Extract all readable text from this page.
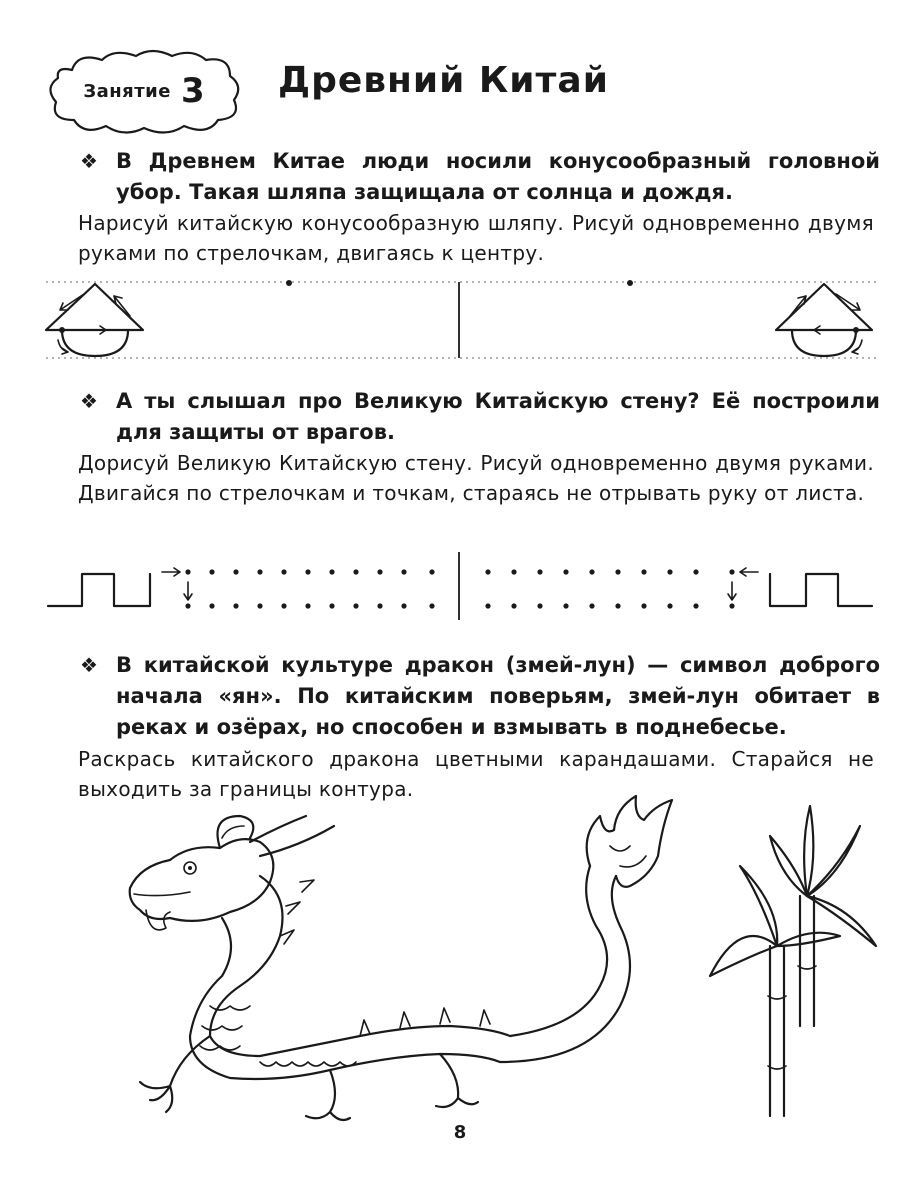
Занятие 3 Древний Китай
❖ В Древнем Китае люди носили конусообразный головной убор. Такая шляпа защищала от солнца и дождя.
Нарисуй китайскую конусообразную шляпу. Рисуй одновременно двумя руками по стрелочкам, двигаясь к центру.
❖ А ты слышал про Великую Китайскую стену? Её построили для защиты от врагов.
Дорисуй Великую Китайскую стену. Рисуй одновременно двумя руками. Двигайся по стрелочкам и точкам, стараясь не отрывать руку от листа.
❖ В китайской культуре дракон (змей-лун) — символ доброго начала «ян». По китайским поверьям, змей-лун обитает в реках и озёрах, но способен и взмывать в поднебесье.
Раскрась китайского дракона цветными карандашами. Старайся не выходить за границы контура.
8
